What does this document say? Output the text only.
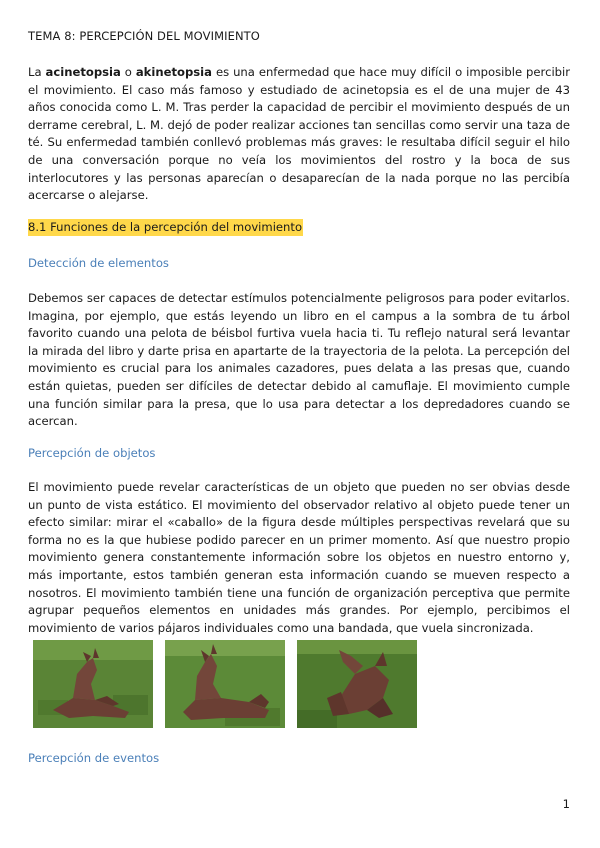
TEMA 8: PERCEPCIÓN DEL MOVIMIENTO

La acinetopsia o akinetopsia es una enfermedad que hace muy difícil o imposible percibir el movimiento. El caso más famoso y estudiado de acinetopsia es el de una mujer de 43 años conocida como L. M. Tras perder la capacidad de percibir el movimiento después de un derrame cerebral, L. M. dejó de poder realizar acciones tan sencillas como servir una taza de té. Su enfermedad también conllevó problemas más graves: le resultaba difícil seguir el hilo de una conversación porque no veía los movimientos del rostro y la boca de sus interlocutores y las personas aparecían o desaparecían de la nada porque no las percibía acercarse o alejarse.

8.1 Funciones de la percepción del movimiento
Detección de elementos

Debemos ser capaces de detectar estímulos potencialmente peligrosos para poder evitarlos. Imagina, por ejemplo, que estás leyendo un libro en el campus a la sombra de tu árbol favorito cuando una pelota de béisbol furtiva vuela hacia ti. Tu reflejo natural será levantar la mirada del libro y darte prisa en apartarte de la trayectoria de la pelota. La percepción del movimiento es crucial para los animales cazadores, pues delata a las presas que, cuando están quietas, pueden ser difíciles de detectar debido al camuflaje. El movimiento cumple una función similar para la presa, que lo usa para detectar a los depredadores cuando se acercan.

Percepción de objetos

El movimiento puede revelar características de un objeto que pueden no ser obvias desde un punto de vista estático. El movimiento del observador relativo al objeto puede tener un efecto similar: mirar el «caballo» de la figura desde múltiples perspectivas revelará que su forma no es la que hubiese podido parecer en un primer momento. Así que nuestro propio movimiento genera constantemente información sobre los objetos en nuestro entorno y, más importante, estos también generan esta información cuando se mueven respecto a nosotros. El movimiento también tiene una función de organización perceptiva que permite agrupar pequeños elementos en unidades más grandes. Por ejemplo, percibimos el movimiento de varios pájaros individuales como una bandada, que vuela sincronizada.

Percepción de eventos
1
